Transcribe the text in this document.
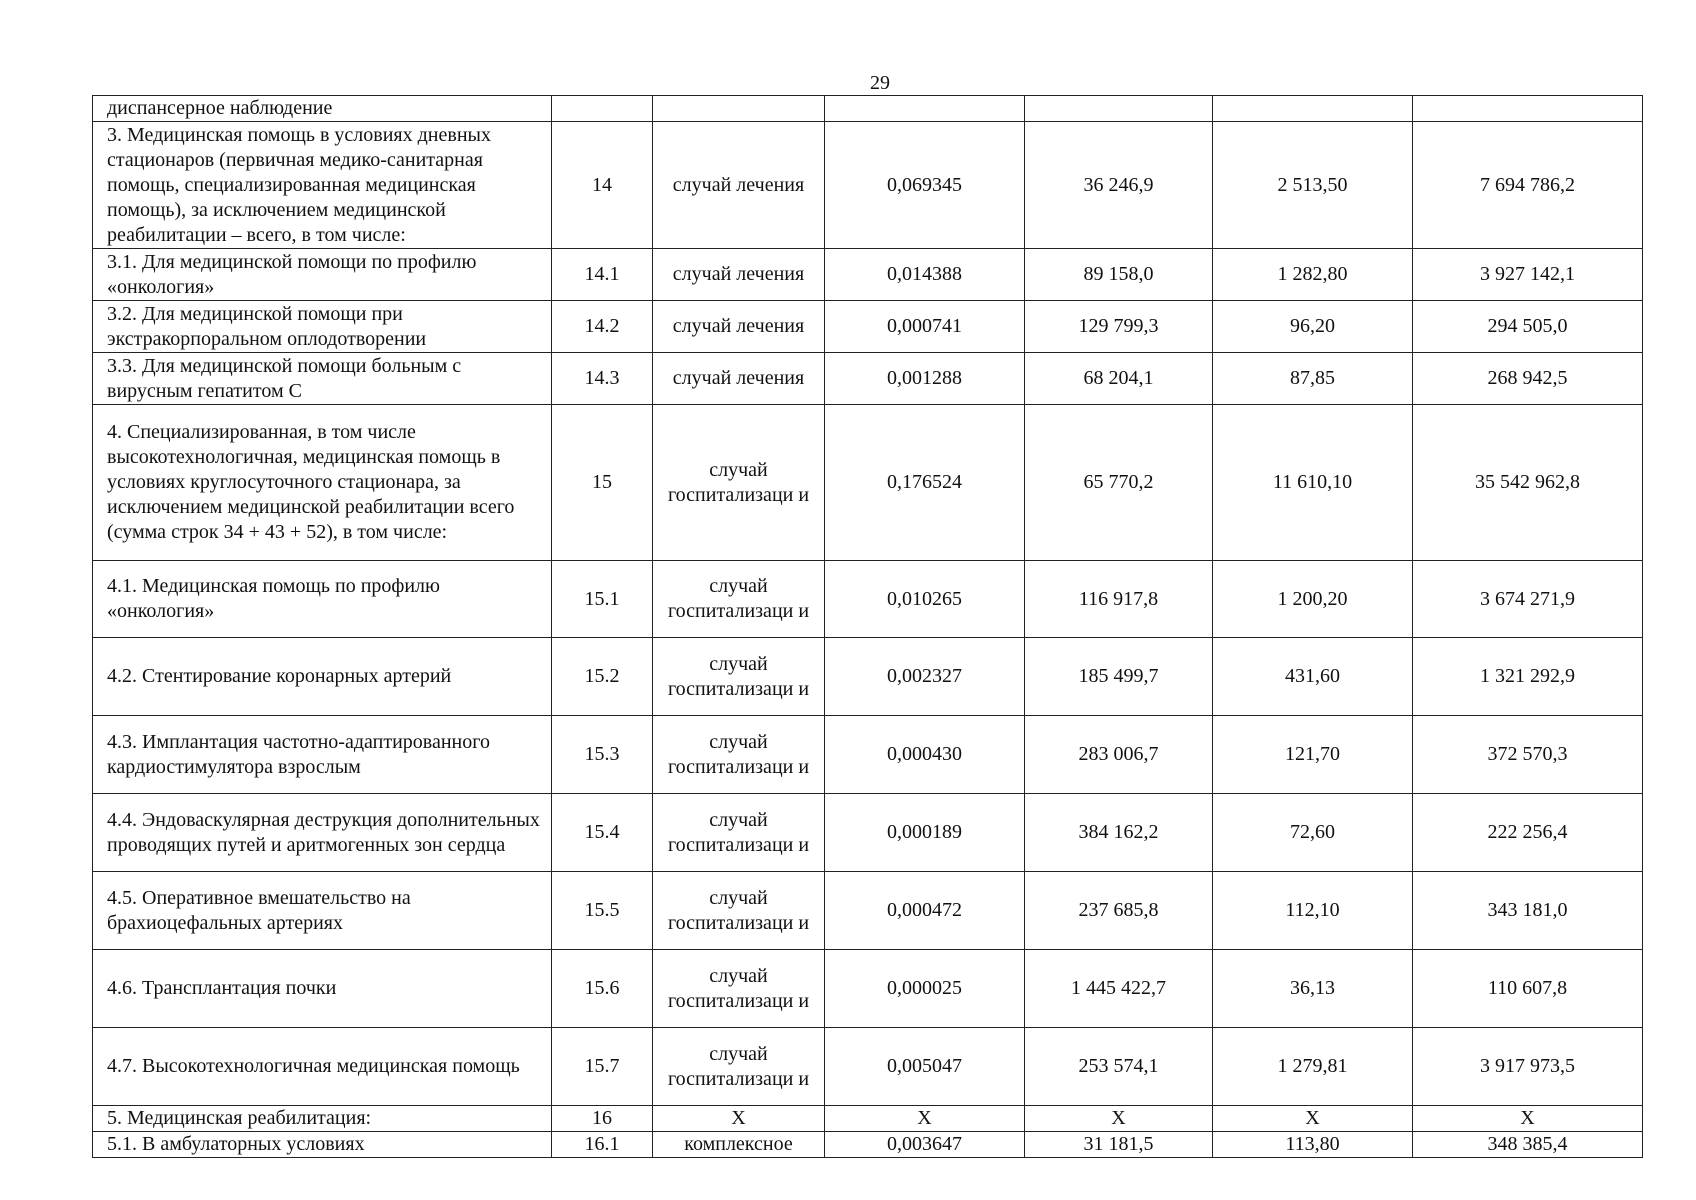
29
диспансерное наблюдение						
3. Медицинская помощь в условиях дневных стационаров (первичная медико-санитарная помощь, специализированная медицинская помощь), за исключением медицинской реабилитации – всего, в том числе:	14	случай лечения	0,069345	36 246,9	2 513,50	7 694 786,2
3.1. Для медицинской помощи по профилю «онкология»	14.1	случай лечения	0,014388	89 158,0	1 282,80	3 927 142,1
3.2. Для медицинской помощи при экстракорпоральном оплодотворении	14.2	случай лечения	0,000741	129 799,3	96,20	294 505,0
3.3. Для медицинской помощи больным с вирусным гепатитом С	14.3	случай лечения	0,001288	68 204,1	87,85	268 942,5
4. Специализированная, в том числе высокотехнологичная, медицинская помощь в условиях круглосуточного стационара, за исключением медицинской реабилитации всего (сумма строк 34 + 43 + 52), в том числе:	15	случай госпитализаци и	0,176524	65 770,2	11 610,10	35 542 962,8
4.1. Медицинская помощь по профилю «онкология»	15.1	случай госпитализаци и	0,010265	116 917,8	1 200,20	3 674 271,9
4.2. Стентирование коронарных артерий	15.2	случай госпитализаци и	0,002327	185 499,7	431,60	1 321 292,9
4.3. Имплантация частотно-адаптированного кардиостимулятора взрослым	15.3	случай госпитализаци и	0,000430	283 006,7	121,70	372 570,3
4.4. Эндоваскулярная деструкция дополнительных проводящих путей и аритмогенных зон сердца	15.4	случай госпитализаци и	0,000189	384 162,2	72,60	222 256,4
4.5. Оперативное вмешательство на брахиоцефальных артериях	15.5	случай госпитализаци и	0,000472	237 685,8	112,10	343 181,0
4.6. Трансплантация почки	15.6	случай госпитализаци и	0,000025	1 445 422,7	36,13	110 607,8
4.7. Высокотехнологичная медицинская помощь	15.7	случай госпитализаци и	0,005047	253 574,1	1 279,81	3 917 973,5
5. Медицинская реабилитация:	16	Х	Х	Х	Х	Х
5.1. В амбулаторных условиях	16.1	комплексное	0,003647	31 181,5	113,80	348 385,4
